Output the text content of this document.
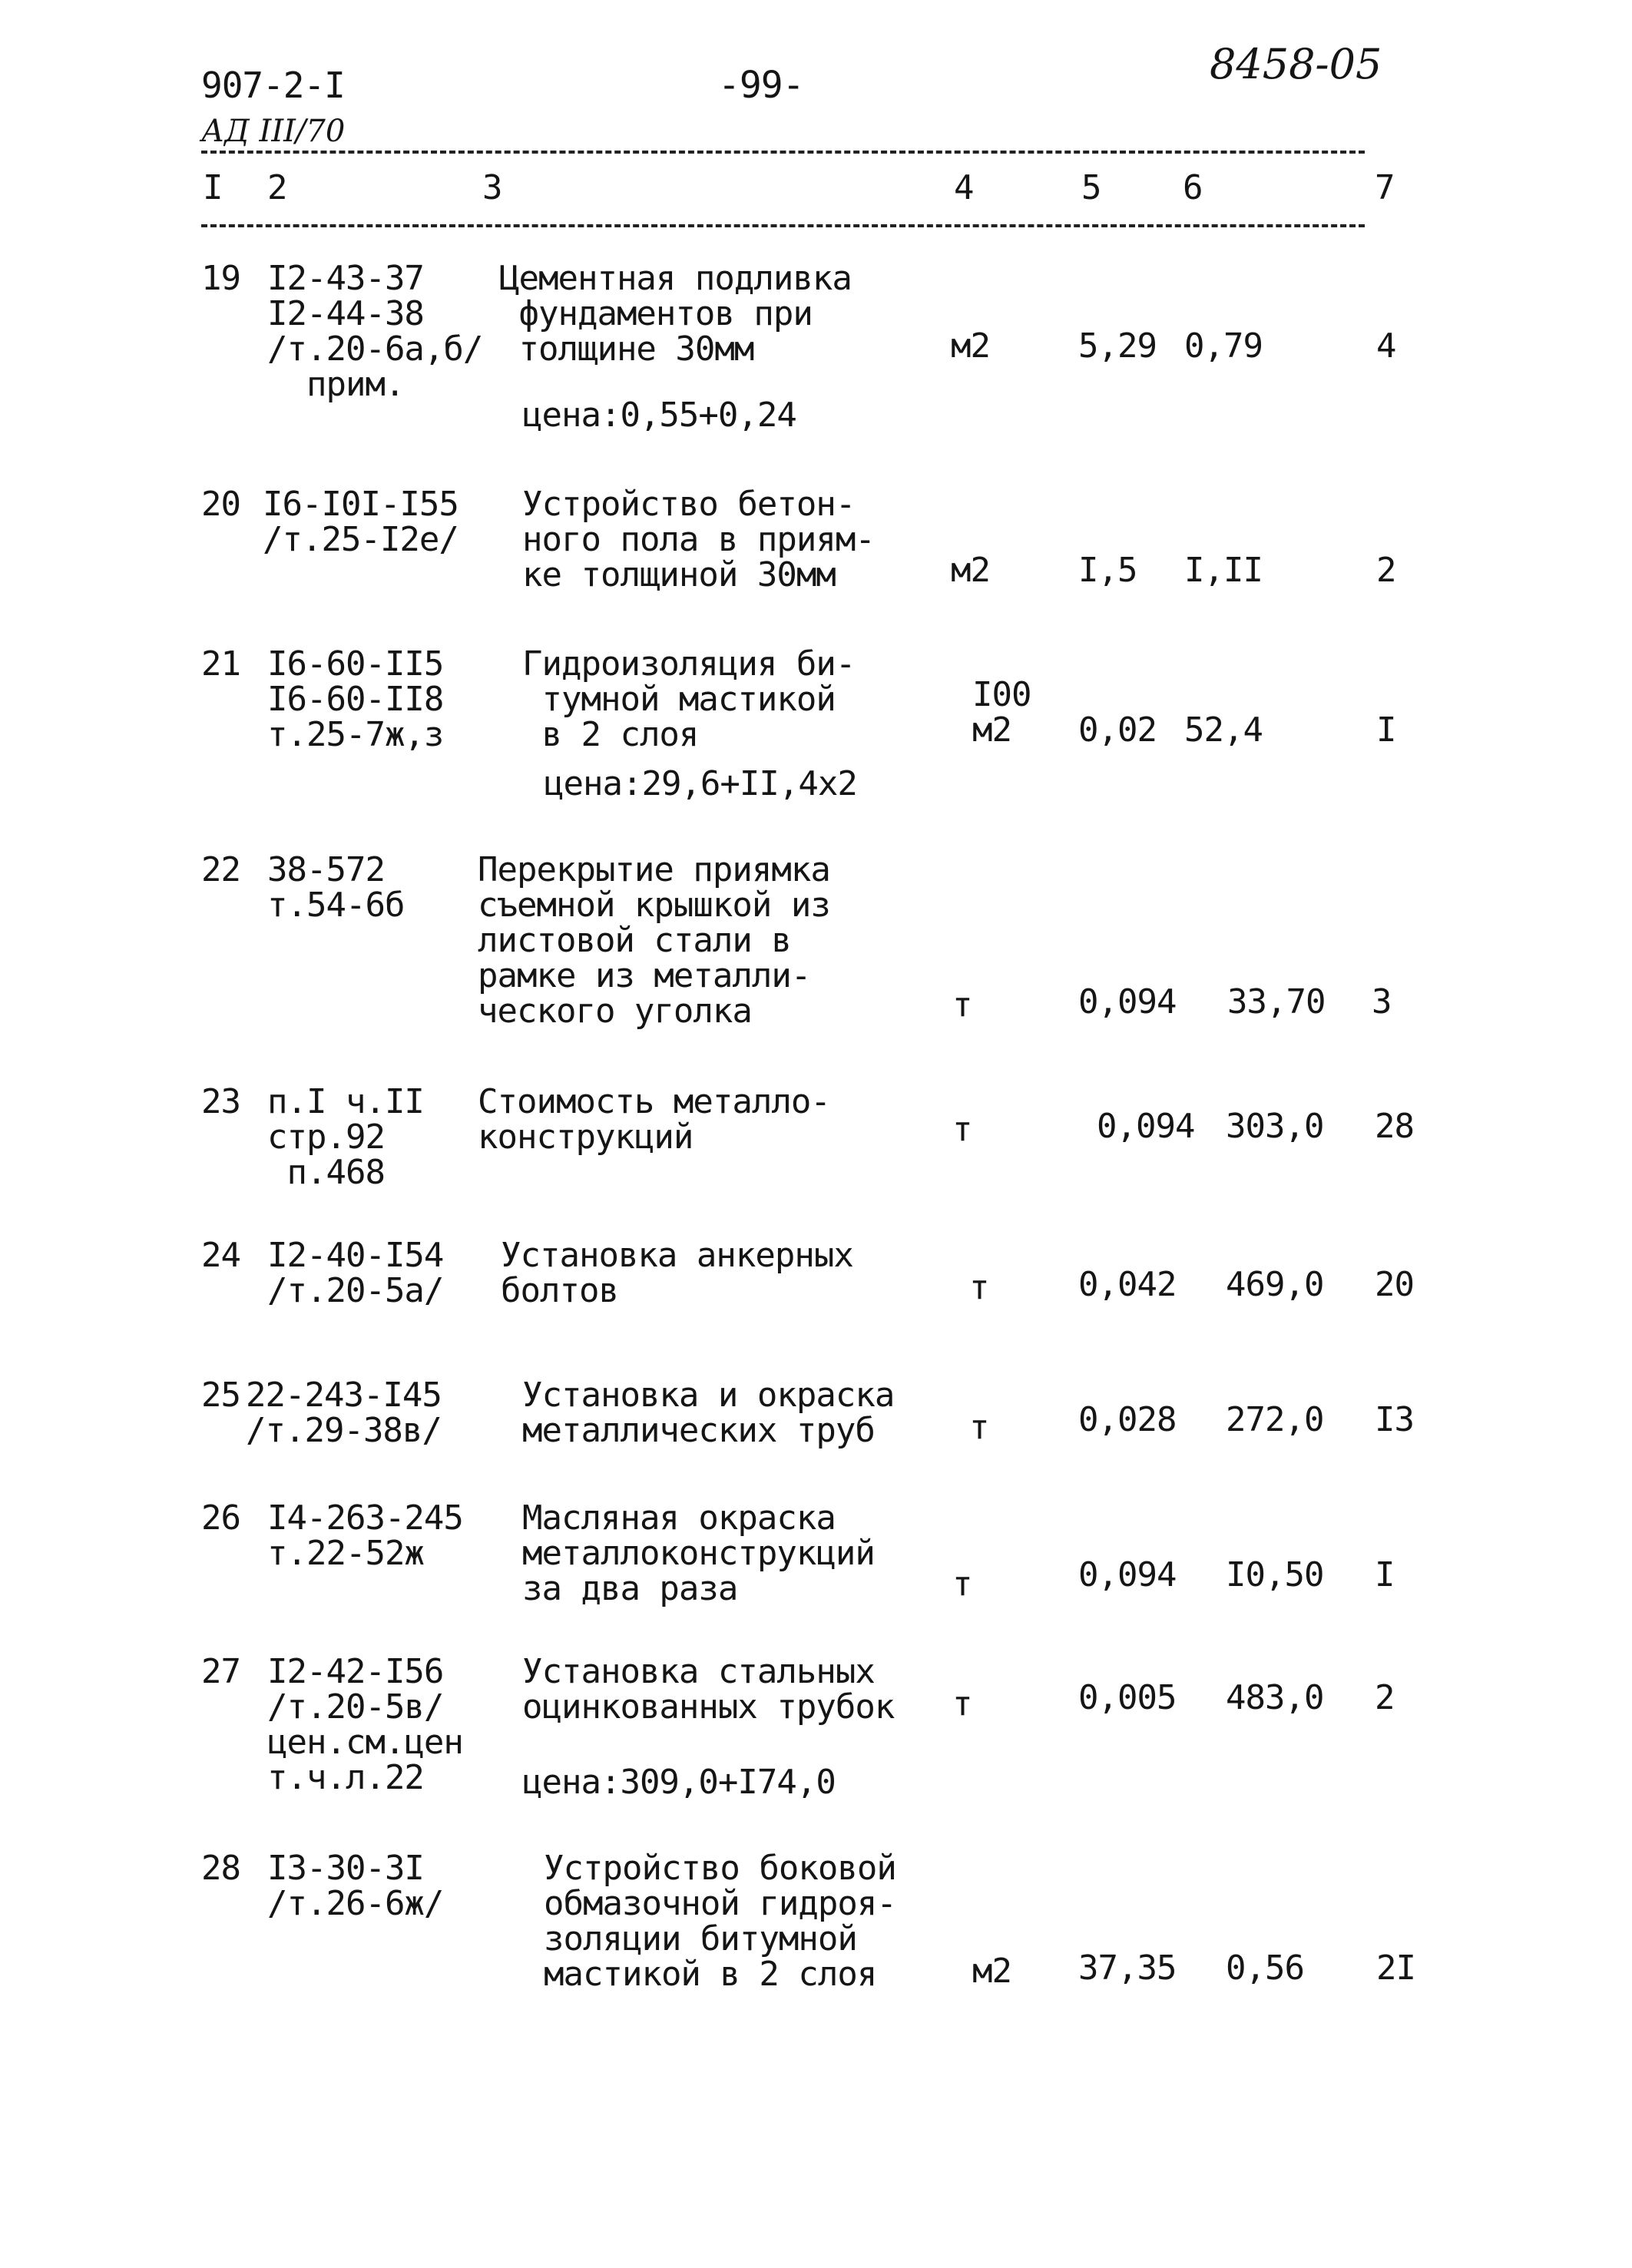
907-2-I
АД III/70
-99-	8458-05
I 2	3	4	5 6	7
19 I2-43-37
I2-44-38
/т.20-6а,б/
прим.
Цементная подливка
фундаментов при
толщине 30мм
цена:0,55+0,24
м2	5,29 0,79	4
20 I6-I0I-I55
/т.25-I2е/
Устройство бетон-
ного пола в приям-
ке толщиной 30мм	м2	I,5 I,II	2
21 I6-60-II5
I6-60-II8
т.25-7ж,з
Гидроизоляция би-
тумной мастикой
в 2 слоя
цена:29,6+II,4х2
I00
м2	0,02 52,4	I
22 38-572
т.54-6б
Перекрытие приямка
съемной крышкой из
листовой стали в
рамке из металли-
ческого уголка	т	0,094 33,70 3
23 п.I ч.II
стр.92
п.468
Стоимость металло-
конструкций	т	0,094 303,0 28
24 I2-40-I54
/т.20-5а/
Установка анкерных
болтов	т	0,042 469,0 20
25 22-243-I45
/т.29-38в/
Установка и окраска
металлических труб	т	0,028 272,0 I3
26 I4-263-245
т.22-52ж
Масляная окраска
металлоконструкций
за два раза	т	0,094 I0,50 I
27 I2-42-I56
/т.20-5в/
цен.см.цен
т.ч.л.22
Установка стальных
оцинкованных трубок
цена:309,0+I74,0
т	0,005 483,0 2
28 I3-30-3I
/т.26-6ж/
Устройство боковой
обмазочной гидроя-
золяции битумной
мастикой в 2 слоя	м2 37,35 0,56 2I
